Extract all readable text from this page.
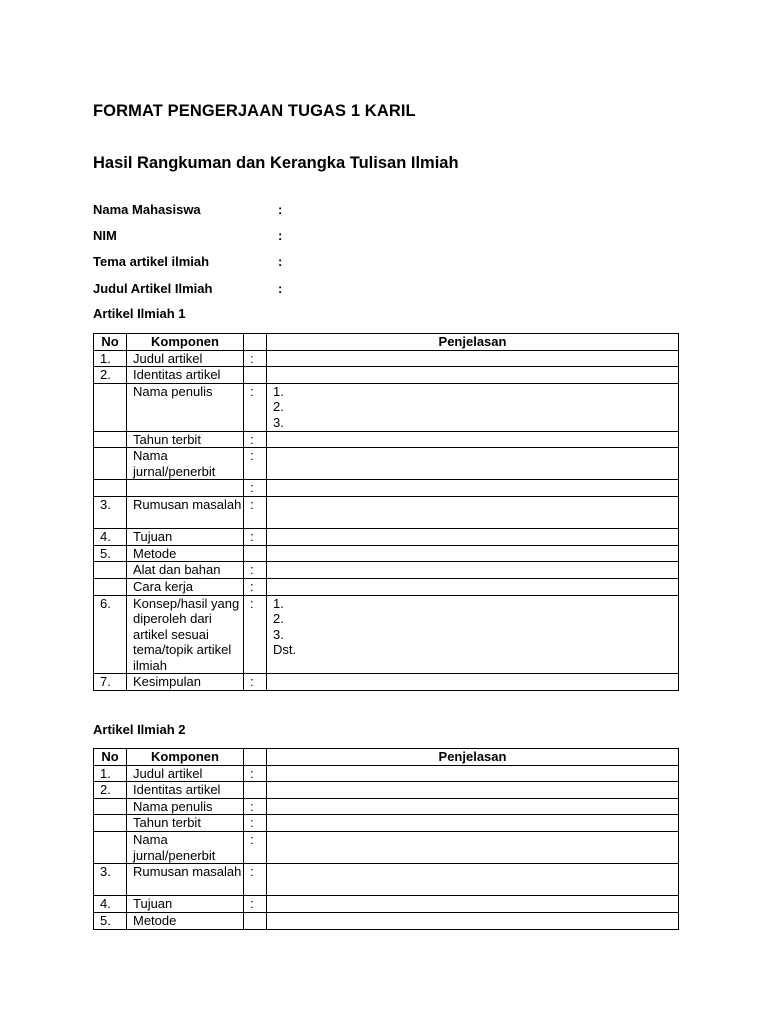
FORMAT PENGERJAAN TUGAS 1 KARIL
Hasil Rangkuman dan Kerangka Tulisan Ilmiah
Nama Mahasiswa	:
NIM	:
Tema artikel ilmiah	:
Judul Artikel Ilmiah	:
Artikel Ilmiah 1
No	Komponen		Penjelasan
1.	Judul artikel	:	
2.	Identitas artikel		
	Nama penulis	:	1.
2.
3.

	Tahun terbit	:	
	Nama jurnal/penerbit	:	

		:	
3.	Rumusan masalah	:	

4.	Tujuan	:	
5.	Metode		
	Alat dan bahan	:	
	Cara kerja	:	
6.	Konsep/hasil yang diperoleh dari artikel sesuai tema/topik artikel ilmiah	:	1.
2.
3.
Dst.

7.	Kesimpulan	:	
Artikel Ilmiah 2
No	Komponen		Penjelasan
1.	Judul artikel	:	
2.	Identitas artikel		
	Nama penulis	:	
	Tahun terbit	:	
	Nama jurnal/penerbit	:	

3.	Rumusan masalah	:	

4.	Tujuan	:	
5.	Metode		
